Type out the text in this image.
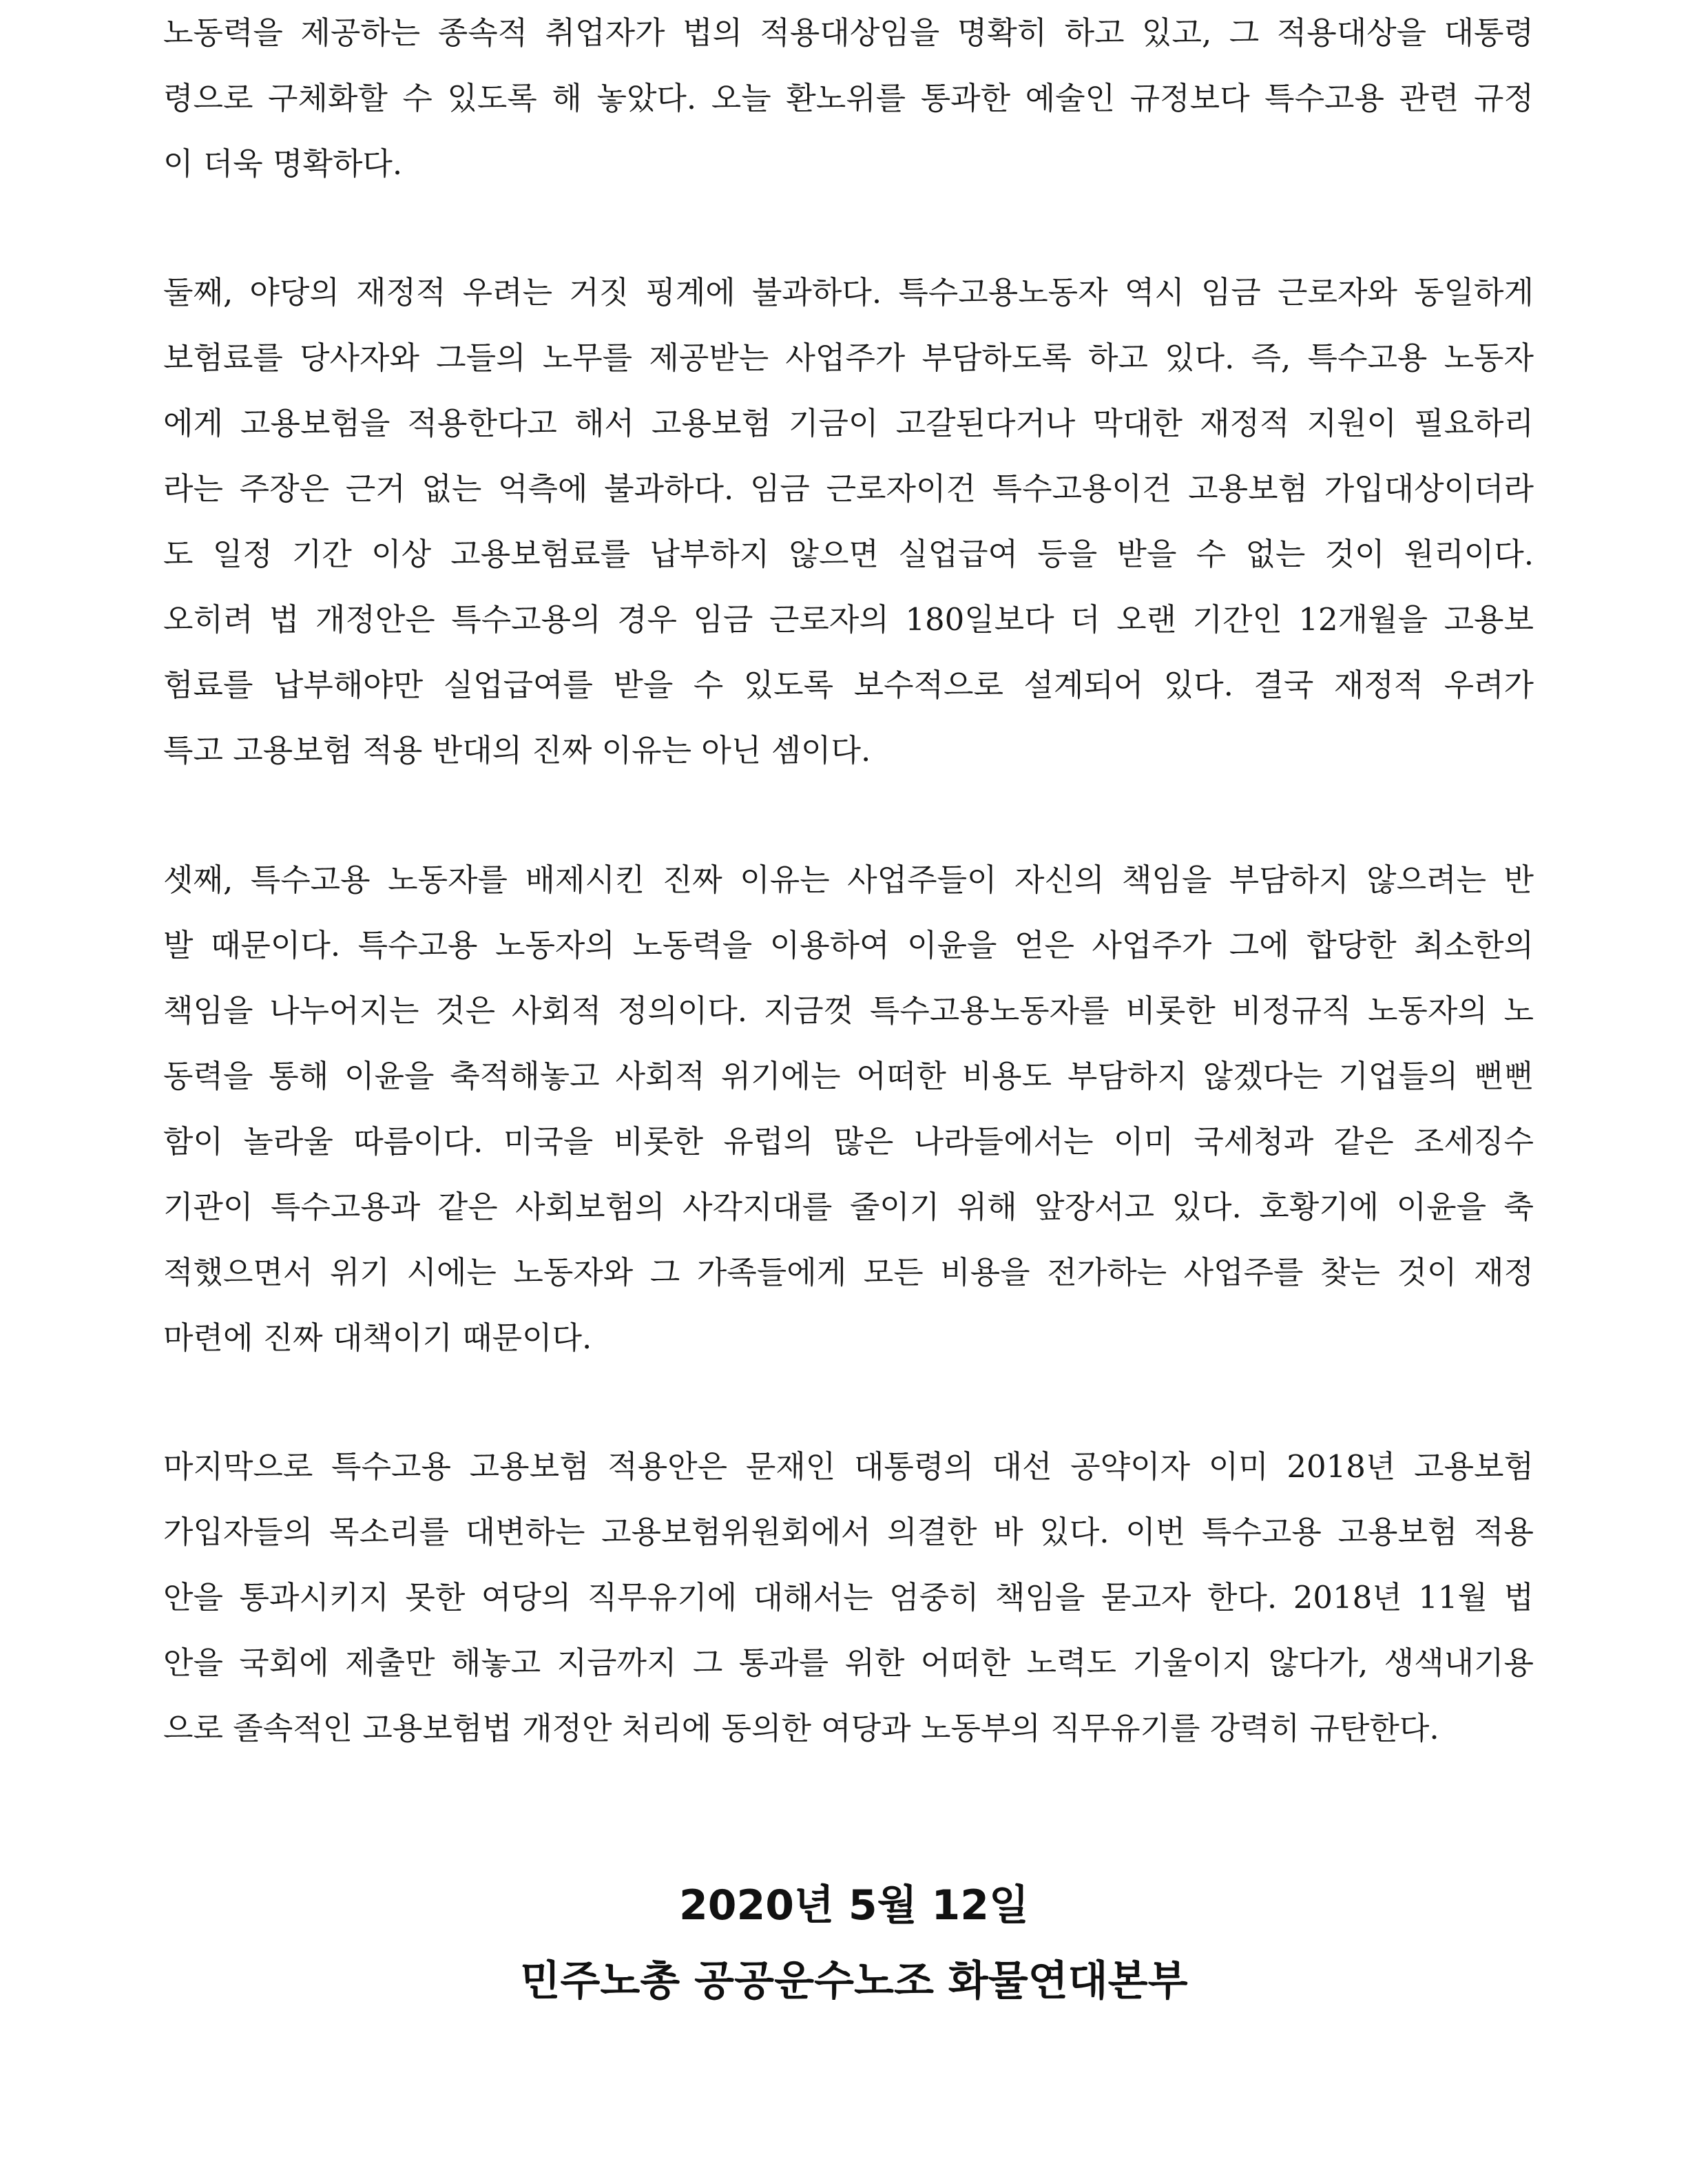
노동력을 제공하는 종속적 취업자가 법의 적용대상임을 명확히 하고 있고, 그 적용대상을 대통령
령으로 구체화할 수 있도록 해 놓았다. 오늘 환노위를 통과한 예술인 규정보다 특수고용 관련 규정
이 더욱 명확하다.
둘째, 야당의 재정적 우려는 거짓 핑계에 불과하다. 특수고용노동자 역시 임금 근로자와 동일하게
보험료를 당사자와 그들의 노무를 제공받는 사업주가 부담하도록 하고 있다. 즉, 특수고용 노동자
에게 고용보험을 적용한다고 해서 고용보험 기금이 고갈된다거나 막대한 재정적 지원이 필요하리
라는 주장은 근거 없는 억측에 불과하다. 임금 근로자이건 특수고용이건 고용보험 가입대상이더라
도 일정 기간 이상 고용보험료를 납부하지 않으면 실업급여 등을 받을 수 없는 것이 원리이다.
오히려 법 개정안은 특수고용의 경우 임금 근로자의 180일보다 더 오랜 기간인 12개월을 고용보
험료를 납부해야만 실업급여를 받을 수 있도록 보수적으로 설계되어 있다. 결국 재정적 우려가
특고 고용보험 적용 반대의 진짜 이유는 아닌 셈이다.
셋째, 특수고용 노동자를 배제시킨 진짜 이유는 사업주들이 자신의 책임을 부담하지 않으려는 반
발 때문이다. 특수고용 노동자의 노동력을 이용하여 이윤을 얻은 사업주가 그에 합당한 최소한의
책임을 나누어지는 것은 사회적 정의이다. 지금껏 특수고용노동자를 비롯한 비정규직 노동자의 노
동력을 통해 이윤을 축적해놓고 사회적 위기에는 어떠한 비용도 부담하지 않겠다는 기업들의 뻔뻔
함이 놀라울 따름이다. 미국을 비롯한 유럽의 많은 나라들에서는 이미 국세청과 같은 조세징수
기관이 특수고용과 같은 사회보험의 사각지대를 줄이기 위해 앞장서고 있다. 호황기에 이윤을 축
적했으면서 위기 시에는 노동자와 그 가족들에게 모든 비용을 전가하는 사업주를 찾는 것이 재정
마련에 진짜 대책이기 때문이다.
마지막으로 특수고용 고용보험 적용안은 문재인 대통령의 대선 공약이자 이미 2018년 고용보험
가입자들의 목소리를 대변하는 고용보험위원회에서 의결한 바 있다. 이번 특수고용 고용보험 적용
안을 통과시키지 못한 여당의 직무유기에 대해서는 엄중히 책임을 묻고자 한다. 2018년 11월 법
안을 국회에 제출만 해놓고 지금까지 그 통과를 위한 어떠한 노력도 기울이지 않다가, 생색내기용
으로 졸속적인 고용보험법 개정안 처리에 동의한 여당과 노동부의 직무유기를 강력히 규탄한다.
2020년 5월 12일
민주노총 공공운수노조 화물연대본부
